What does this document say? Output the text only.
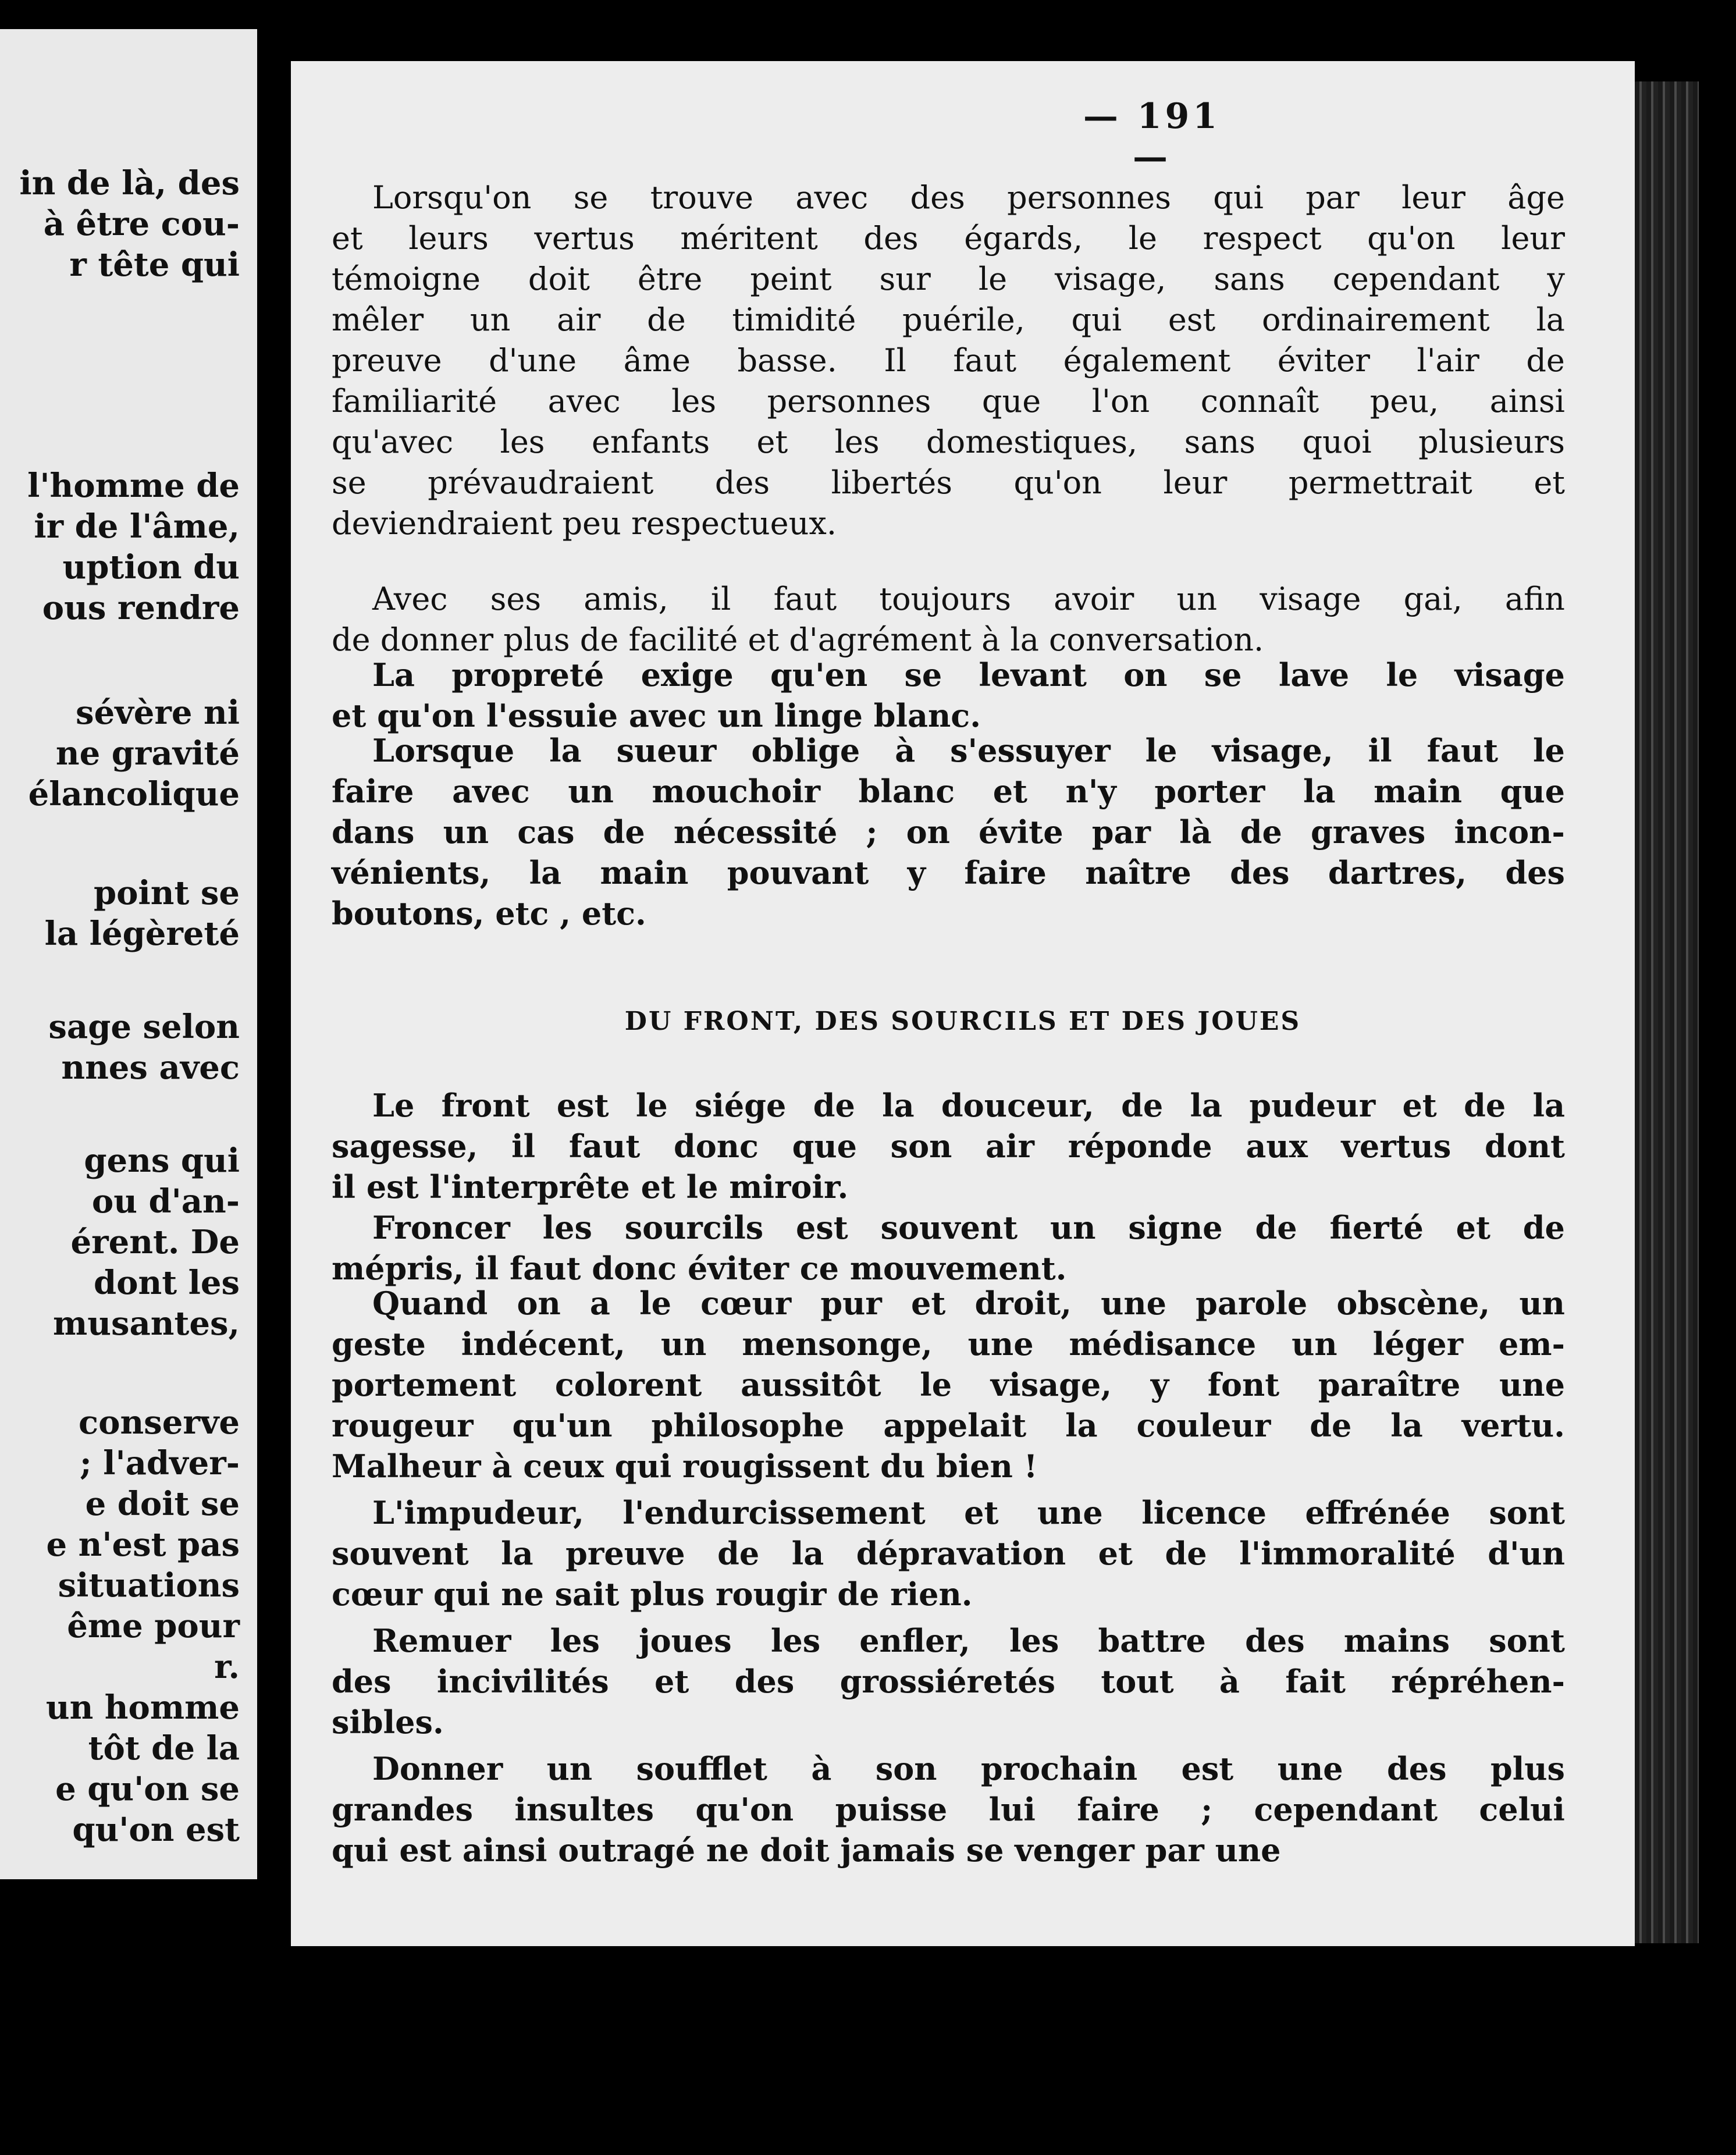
in de là, des
à être cou-
r tête qui
l'homme de
ir de l'âme,
uption du
ous rendre
sévère ni
ne gravité
élancolique
point se
la légèreté
sage selon
nnes avec
gens qui
ou d'an-
érent. De
dont les
musantes,
conserve
; l'adver-
e doit se
e n'est pas
situations
ême pour
r.
un homme
tôt de la
e qu'on se
qu'on est
— 191 —
Lorsqu'on se trouve avec des personnes qui par leur âge
et leurs vertus méritent des égards, le respect qu'on leur
témoigne doit être peint sur le visage, sans cependant y
mêler un air de timidité puérile, qui est ordinairement la
preuve d'une âme basse. Il faut également éviter l'air de
familiarité avec les personnes que l'on connaît peu, ainsi
qu'avec les enfants et les domestiques, sans quoi plusieurs
se prévaudraient des libertés qu'on leur permettrait et
deviendraient peu respectueux.
Avec ses amis, il faut toujours avoir un visage gai, afin
de donner plus de facilité et d'agrément à la conversation.
La propreté exige qu'en se levant on se lave le visage
et qu'on l'essuie avec un linge blanc.
Lorsque la sueur oblige à s'essuyer le visage, il faut le
faire avec un mouchoir blanc et n'y porter la main que
dans un cas de nécessité ; on évite par là de graves incon-
vénients, la main pouvant y faire naître des dartres, des
boutons, etc , etc.
DU FRONT, DES SOURCILS ET DES JOUES
Le front est le siége de la douceur, de la pudeur et de la
sagesse, il faut donc que son air réponde aux vertus dont
il est l'interprête et le miroir.
Froncer les sourcils est souvent un signe de fierté et de
mépris, il faut donc éviter ce mouvement.
Quand on a le cœur pur et droit, une parole obscène, un
geste indécent, un mensonge, une médisance un léger em-
portement colorent aussitôt le visage, y font paraître une
rougeur qu'un philosophe appelait la couleur de la vertu.
Malheur à ceux qui rougissent du bien !
L'impudeur, l'endurcissement et une licence effrénée sont
souvent la preuve de la dépravation et de l'immoralité d'un
cœur qui ne sait plus rougir de rien.
Remuer les joues les enfler, les battre des mains sont
des incivilités et des grossiéretés tout à fait répréhen-
sibles.
Donner un soufflet à son prochain est une des plus
grandes insultes qu'on puisse lui faire ; cependant celui
qui est ainsi outragé ne doit jamais se venger par une
